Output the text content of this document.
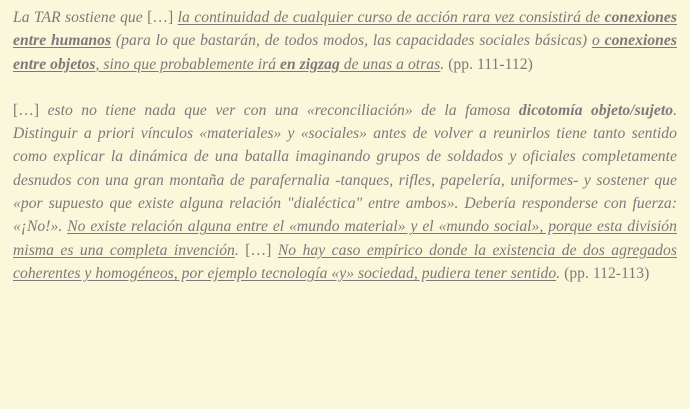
La TAR sostiene que […] la continuidad de cualquier curso de acción rara vez consistirá de conexiones entre humanos (para lo que bastarán, de todos modos, las capacidades sociales básicas) o conexiones entre objetos, sino que probablemente irá en zigzag de unas a otras. (pp. 111-112)

[…] esto no tiene nada que ver con una «reconciliación» de la famosa dicotomía objeto/sujeto. Distinguir a priori vínculos «materiales» y «sociales» antes de volver a reunirlos tiene tanto sentido como explicar la dinámica de una batalla imaginando grupos de soldados y oficiales completamente desnudos con una gran montaña de parafernalia -tanques, rifles, papelería, uniformes- y sostener que «por supuesto que existe alguna relación "dialéctica" entre ambos». Debería responderse con fuerza: «¡No!». No existe relación alguna entre el «mundo material» y el «mundo social», porque esta división misma es una completa invención. […] No hay caso empírico donde la existencia de dos agregados coherentes y homogéneos, por ejemplo tecnología «y» sociedad, pudiera tener sentido. (pp. 112-113)
